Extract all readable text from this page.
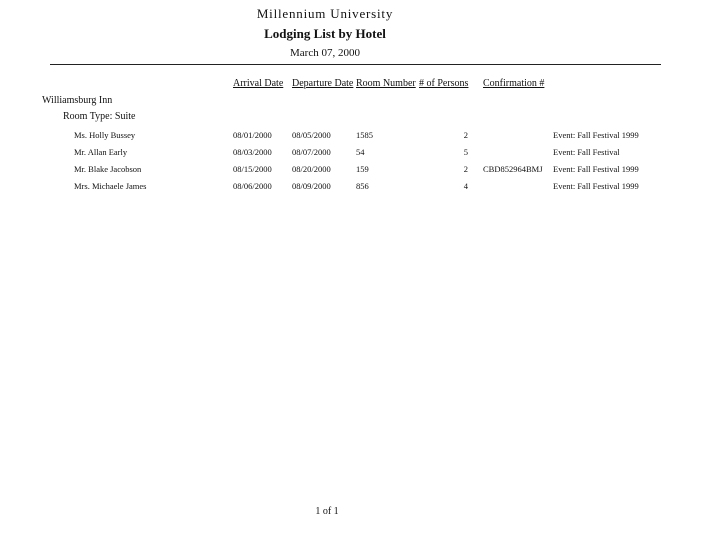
Millennium University
Lodging List by Hotel
March 07, 2000
Arrival Date Departure Date Room Number # of Persons Confirmation #
Williamsburg Inn
Room Type: Suite
Ms. Holly Bussey	08/01/2000 08/05/2000	1585	2	Event: Fall Festival 1999
Mr. Allan Early	08/03/2000 08/07/2000	54	5	Event: Fall Festival
Mr. Blake Jacobson	08/15/2000 08/20/2000	159	2 CBD852964BMJ Event: Fall Festival 1999
Mrs. Michaele James	08/06/2000 08/09/2000	856	4	Event: Fall Festival 1999
1 of 1
